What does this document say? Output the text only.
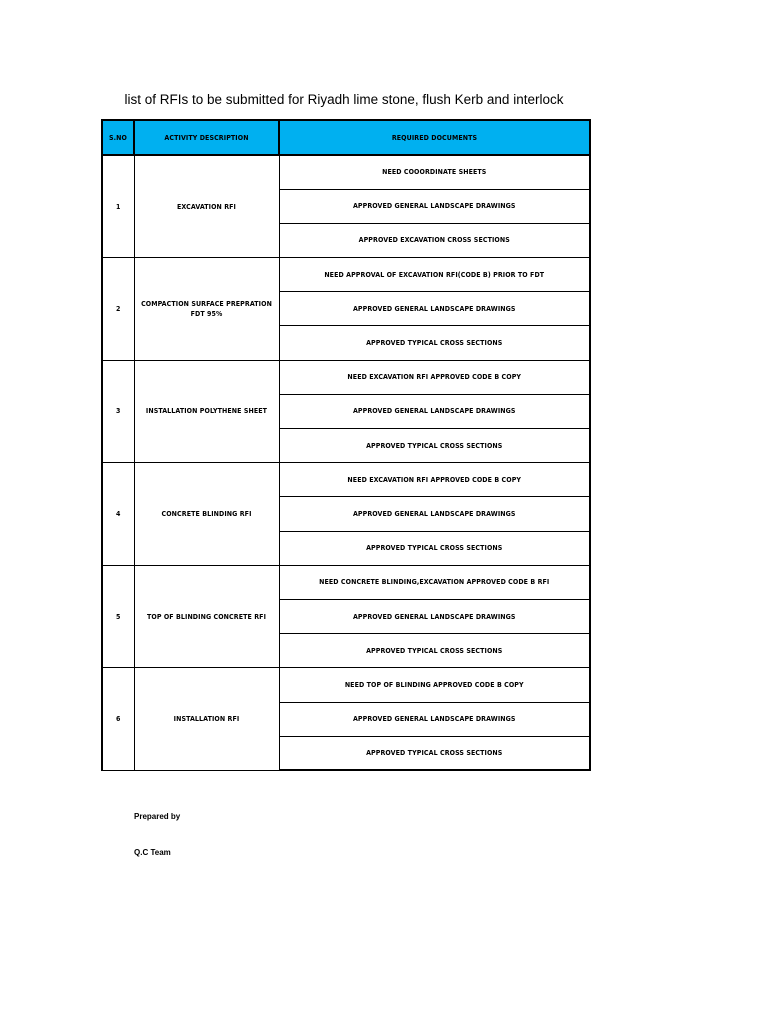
list of RFIs to be submitted for Riyadh lime stone, flush Kerb and interlock
S.NO	ACTIVITY DESCRIPTION	REQUIRED DOCUMENTS
1	EXCAVATION RFI	NEED COOORDINATE SHEETS
		APPROVED GENERAL LANDSCAPE DRAWINGS
		APPROVED EXCAVATION CROSS SECTIONS
2	COMPACTION SURFACE PREPRATION FDT 95%	NEED APPROVAL OF EXCAVATION RFI(CODE B) PRIOR TO FDT
		APPROVED GENERAL LANDSCAPE DRAWINGS
		APPROVED TYPICAL CROSS SECTIONS
3	INSTALLATION POLYTHENE SHEET	NEED EXCAVATION RFI APPROVED CODE B COPY
		APPROVED GENERAL LANDSCAPE DRAWINGS
		APPROVED TYPICAL CROSS SECTIONS
4	CONCRETE BLINDING RFI	NEED EXCAVATION RFI APPROVED CODE B COPY
		APPROVED GENERAL LANDSCAPE DRAWINGS
		APPROVED TYPICAL CROSS SECTIONS
5	TOP OF BLINDING CONCRETE RFI	NEED CONCRETE BLINDING,EXCAVATION APPROVED CODE B RFI
		APPROVED GENERAL LANDSCAPE DRAWINGS
		APPROVED TYPICAL CROSS SECTIONS
6	INSTALLATION RFI	NEED TOP OF BLINDING APPROVED CODE B COPY
		APPROVED GENERAL LANDSCAPE DRAWINGS
		APPROVED TYPICAL CROSS SECTIONS
Prepared by
Q.C Team
